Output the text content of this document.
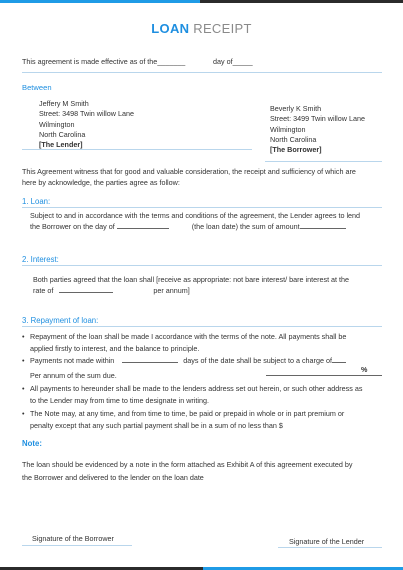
LOAN RECEIPT
This agreement is made effective as of the_______	day of_____
Between
Jeffery M Smith
Street: 3498 Twin willow Lane
Wilmington
North Carolina
[The Lender]
Beverly K Smith
Street: 3499 Twin willow Lane
Wilmington
North Carolina
[The Borrower]
This Agreement witness that for good and valuable consideration, the receipt and sufficiency of which are
here by acknowledge, the parties agree as follow:
1. Loan:
Subject to and in accordance with the terms and conditions of the agreement, the Lender agrees to lend
the Borrower on the day of	(the loan date) the sum of amount
2. Interest:
Both parties agreed that the loan shall [receive as appropriate: not bare interest/ bare interest at the
rate of	per annum]
3. Repayment of loan:
• Repayment of the loan shall be made I accordance with the terms of the note. All payments shall be
applied firstly to interest, and the balance to principle.
• Payments not made within	days of the date shall be subject to a charge of
%
Per annum of the sum due.
• All payments to hereunder shall be made to the lenders address set out herein, or such other address as
to the Lender may from time to time designate in writing.
• The Note may, at any time, and from time to time, be paid or prepaid in whole or in part premium or
penalty except that any such partial payment shall be in a sum of no less than $
Note:
The loan should be evidenced by a note in the form attached as Exhibit A of this agreement executed by
the Borrower and delivered to the lender on the loan date
Signature of the Borrower	Signature of the Lender
